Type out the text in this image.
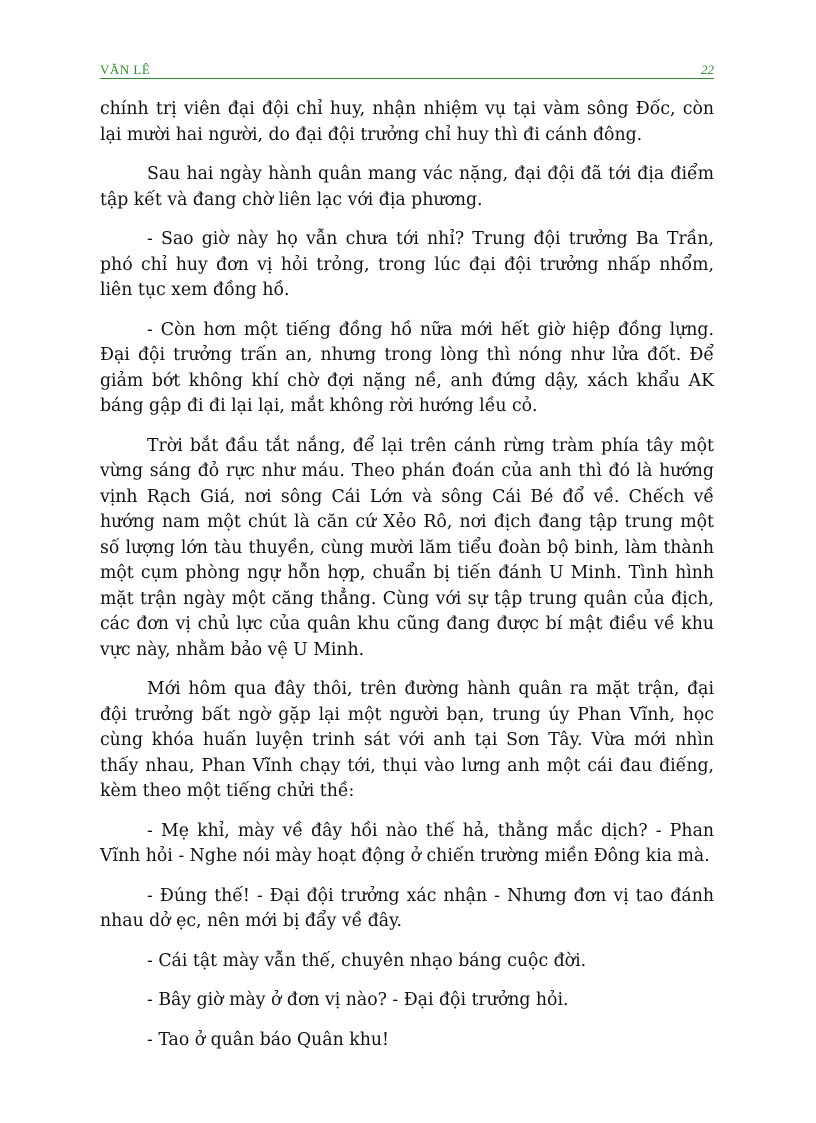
VĂN LÊ	22

chính trị viên đại đội chỉ huy, nhận nhiệm vụ tại vàm sông Đốc, còn lại mười hai người, do đại đội trưởng chỉ huy thì đi cánh đông.

Sau hai ngày hành quân mang vác nặng, đại đội đã tới địa điểm tập kết và đang chờ liên lạc với địa phương.

- Sao giờ này họ vẫn chưa tới nhỉ? Trung đội trưởng Ba Trần, phó chỉ huy đơn vị hỏi trỏng, trong lúc đại đội trưởng nhấp nhổm, liên tục xem đồng hồ.

- Còn hơn một tiếng đồng hồ nữa mới hết giờ hiệp đồng lựng. Đại đội trưởng trấn an, nhưng trong lòng thì nóng như lửa đốt. Để giảm bớt không khí chờ đợi nặng nề, anh đứng dậy, xách khẩu AK báng gập đi đi lại lại, mắt không rời hướng lều cỏ.

Trời bắt đầu tắt nắng, để lại trên cánh rừng tràm phía tây một vừng sáng đỏ rực như máu. Theo phán đoán của anh thì đó là hướng vịnh Rạch Giá, nơi sông Cái Lớn và sông Cái Bé đổ về. Chếch về hướng nam một chút là căn cứ Xẻo Rô, nơi địch đang tập trung một số lượng lớn tàu thuyền, cùng mười lăm tiểu đoàn bộ binh, làm thành một cụm phòng ngự hỗn hợp, chuẩn bị tiến đánh U Minh. Tình hình mặt trận ngày một căng thẳng. Cùng với sự tập trung quân của địch, các đơn vị chủ lực của quân khu cũng đang được bí mật điều về khu vực này, nhằm bảo vệ U Minh.

Mới hôm qua đây thôi, trên đường hành quân ra mặt trận, đại đội trưởng bất ngờ gặp lại một người bạn, trung úy Phan Vĩnh, học cùng khóa huấn luyện trinh sát với anh tại Sơn Tây. Vừa mới nhìn thấy nhau, Phan Vĩnh chạy tới, thụi vào lưng anh một cái đau điếng, kèm theo một tiếng chửi thề:

- Mẹ khỉ, mày về đây hồi nào thế hả, thằng mắc dịch? - Phan Vĩnh hỏi - Nghe nói mày hoạt động ở chiến trường miền Đông kia mà.

- Đúng thế! - Đại đội trưởng xác nhận - Nhưng đơn vị tao đánh nhau dở ẹc, nên mới bị đẩy về đây.

- Cái tật mày vẫn thế, chuyên nhạo báng cuộc đời.

- Bây giờ mày ở đơn vị nào? - Đại đội trưởng hỏi.

- Tao ở quân báo Quân khu!
